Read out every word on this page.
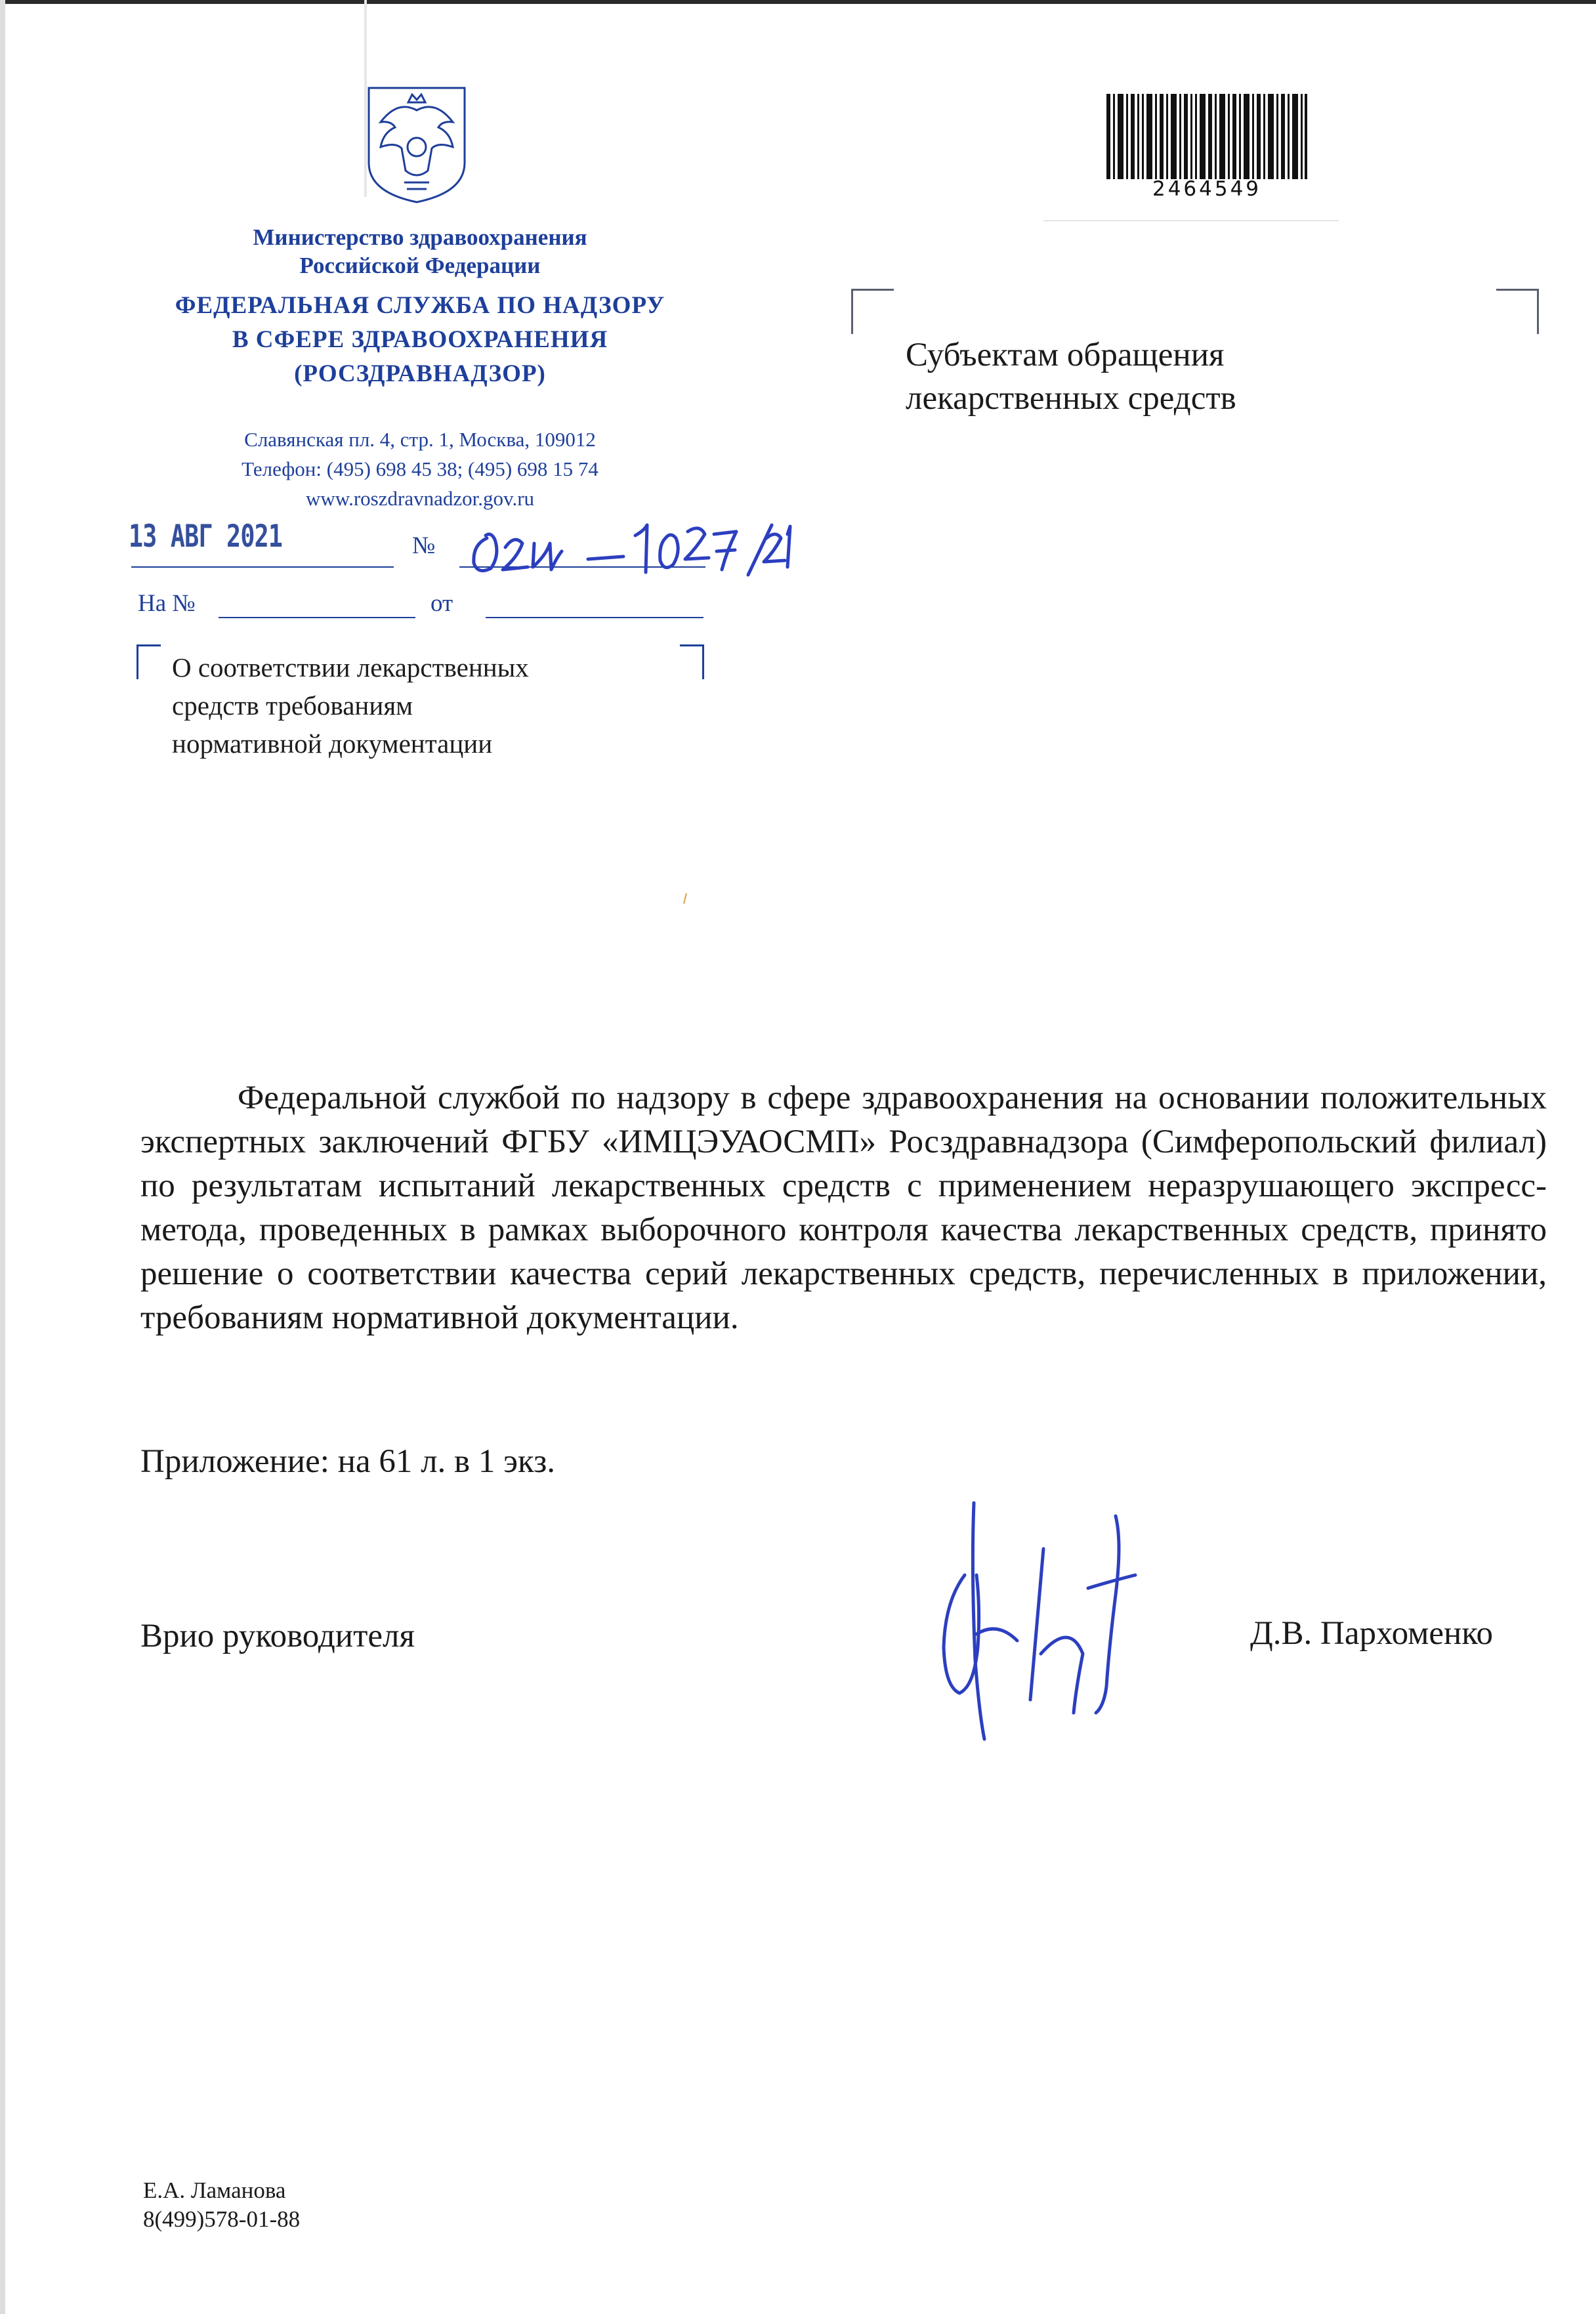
Министерство здравоохранения
Российской Федерации
ФЕДЕРАЛЬНАЯ СЛУЖБА ПО НАДЗОРУ
В СФЕРЕ ЗДРАВООХРАНЕНИЯ
(РОСЗДРАВНАДЗОР)
Славянская пл. 4, стр. 1, Москва, 109012
Телефон: (495) 698 45 38; (495) 698 15 74
www.roszdravnadzor.gov.ru
13 АВГ 2021	№
На №	от
О соответствии лекарственных
средств требованиям
нормативной документации
2464549
Субъектам обращения
лекарственных средств
Федеральной службой по надзору в сфере здравоохранения на основании положительных экспертных заключений ФГБУ «ИМЦЭУАОСМП» Росздравнадзора (Симферопольский филиал) по результатам испытаний лекарственных средств с применением неразрушающего экспресс-метода, проведенных в рамках выборочного контроля качества лекарственных средств, принято решение о соответствии качества серий лекарственных средств, перечисленных в приложении, требованиям нормативной документации.
Приложение: на 61 л. в 1 экз.
Врио руководителя	Д.В. Пархоменко
Е.А. Ламанова
8(499)578-01-88
